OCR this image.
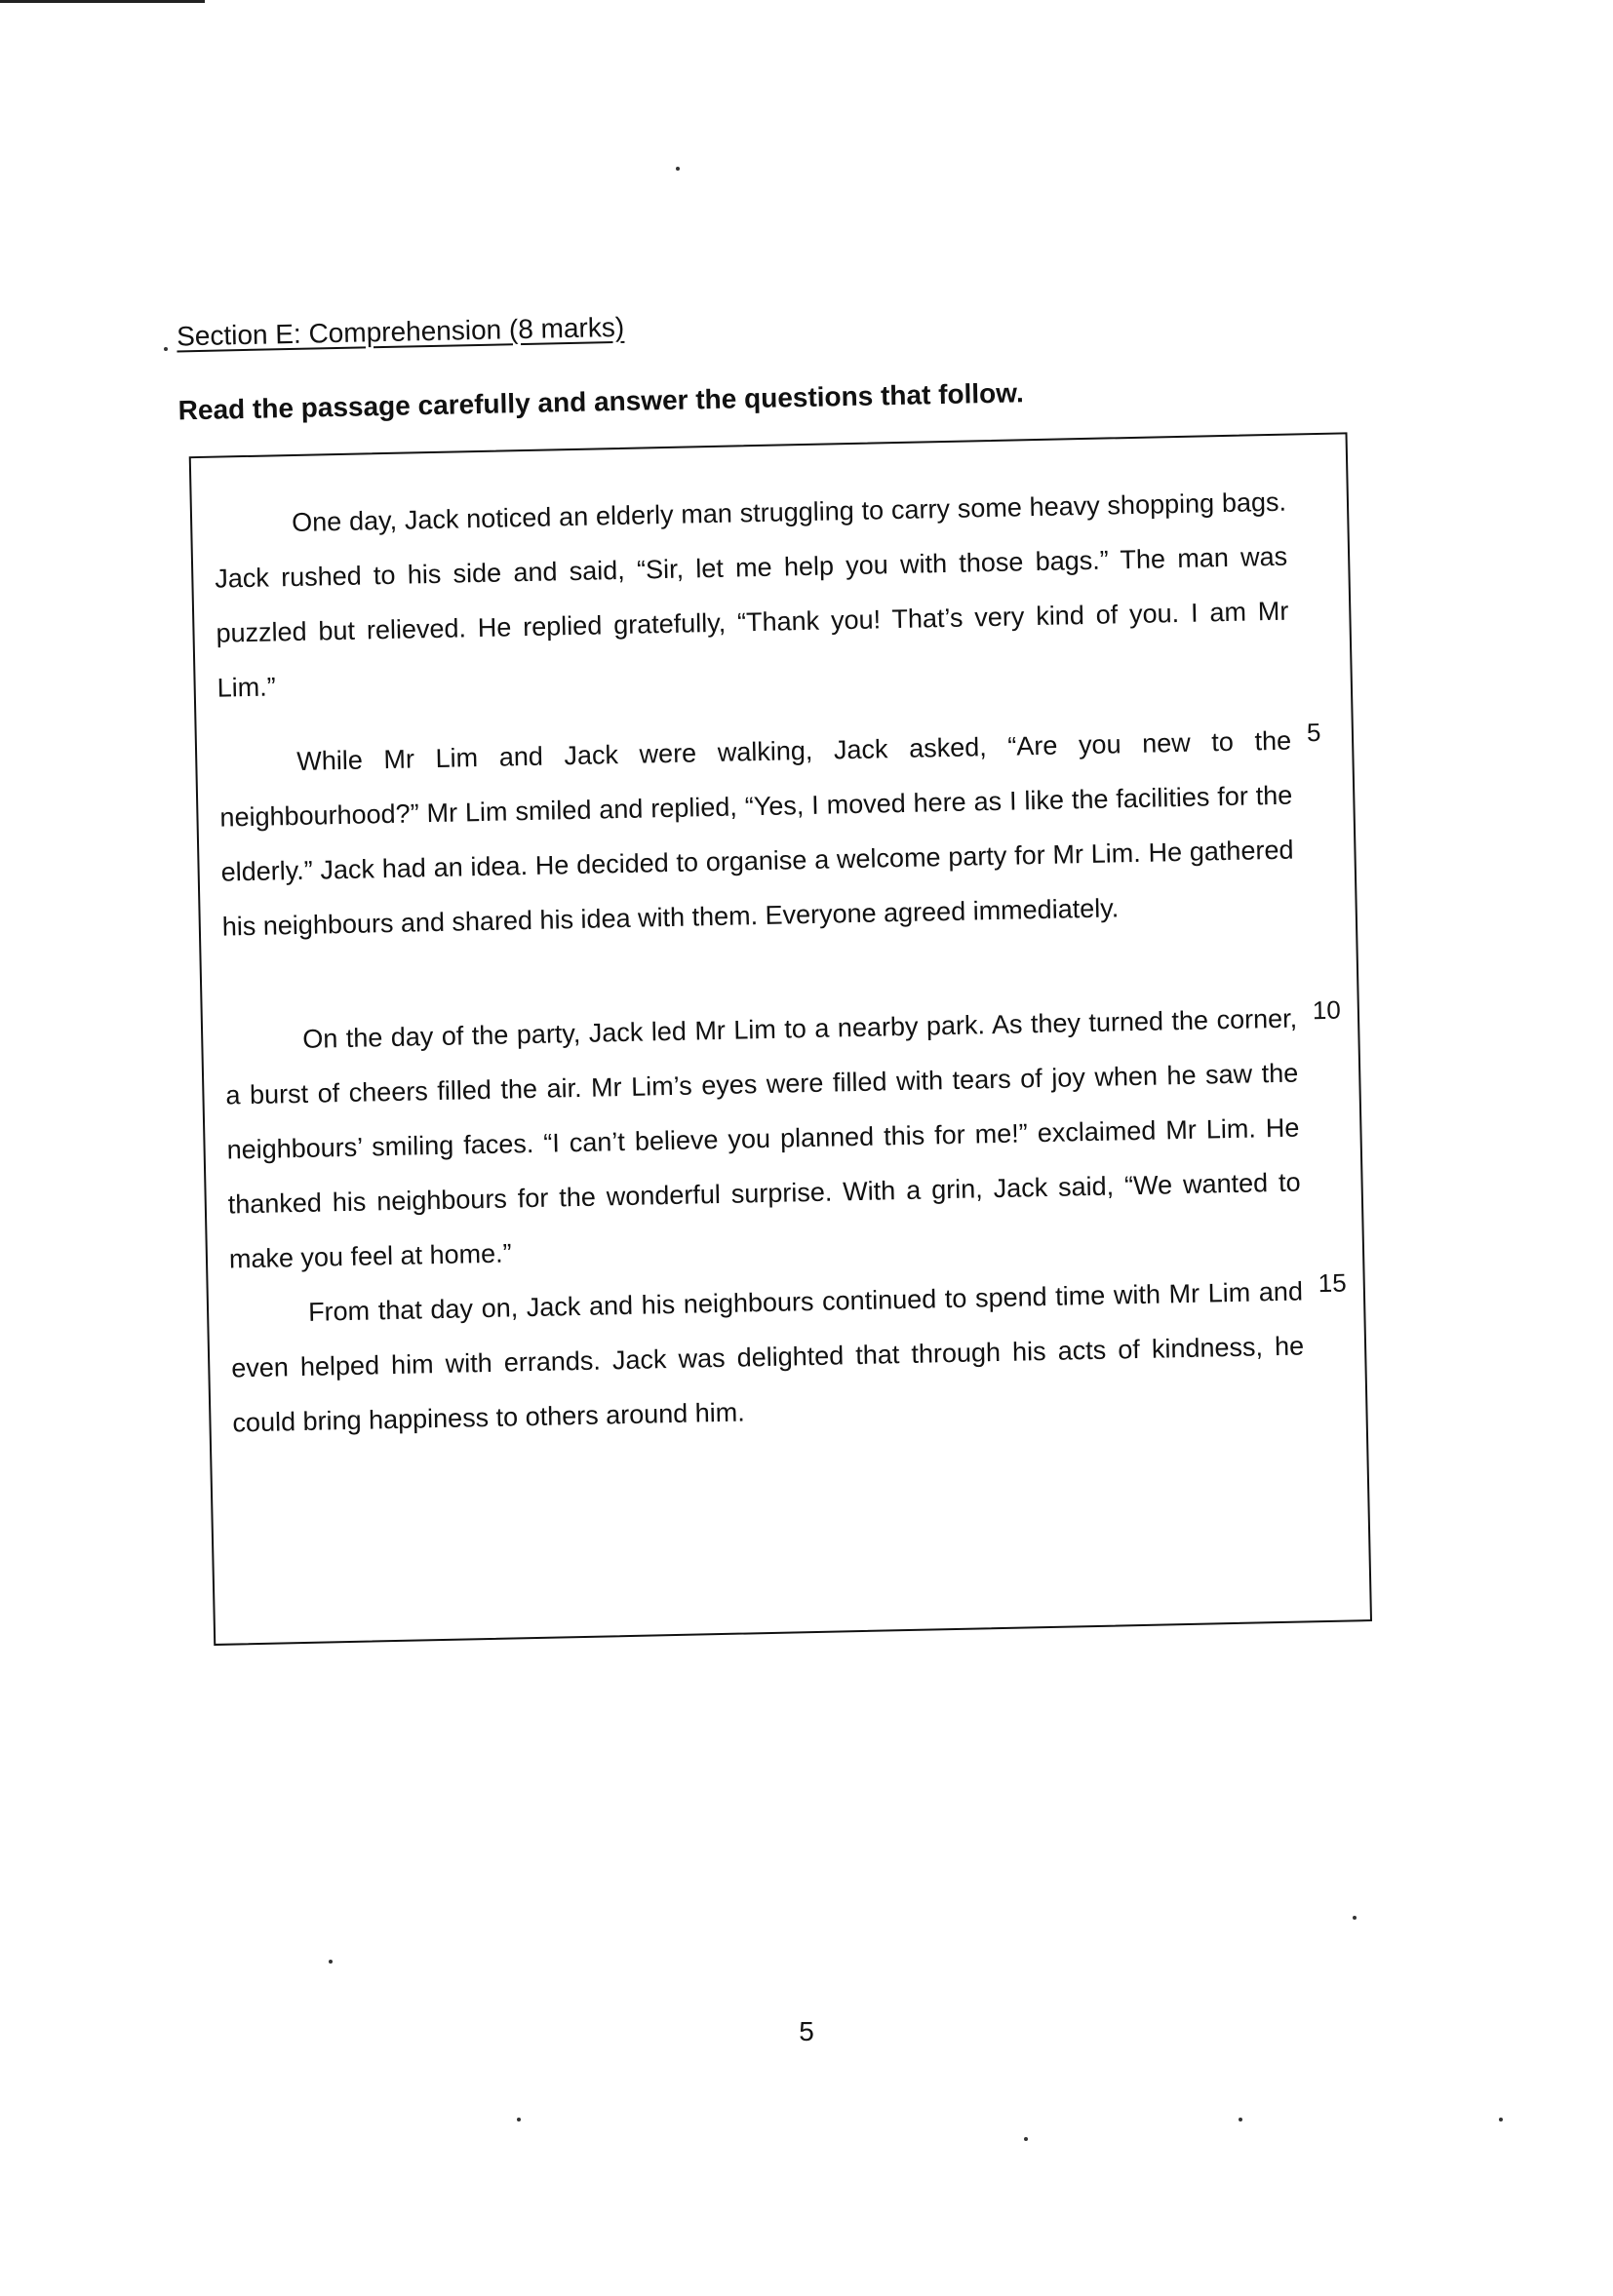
Section E: Comprehension (8 marks)

Read the passage carefully and answer the questions that follow.

One day, Jack noticed an elderly man struggling to carry some heavy shopping bags. Jack rushed to his side and said, “Sir, let me help you with those bags.” The man was puzzled but relieved. He replied gratefully, “Thank you! That’s very kind of you. I am Mr Lim.”

While Mr Lim and Jack were walking, Jack asked, “Are you new to the neighbourhood?” Mr Lim smiled and replied, “Yes, I moved here as I like the facilities for the elderly.” Jack had an idea. He decided to organise a welcome party for Mr Lim. He gathered his neighbours and shared his idea with them. Everyone agreed immediately.

On the day of the party, Jack led Mr Lim to a nearby park. As they turned the corner, a burst of cheers filled the air. Mr Lim’s eyes were filled with tears of joy when he saw the neighbours’ smiling faces. “I can’t believe you planned this for me!” exclaimed Mr Lim. He thanked his neighbours for the wonderful surprise. With a grin, Jack said, “We wanted to make you feel at home.”

From that day on, Jack and his neighbours continued to spend time with Mr Lim and even helped him with errands. Jack was delighted that through his acts of kindness, he could bring happiness to others around him.

5
10
15

5
